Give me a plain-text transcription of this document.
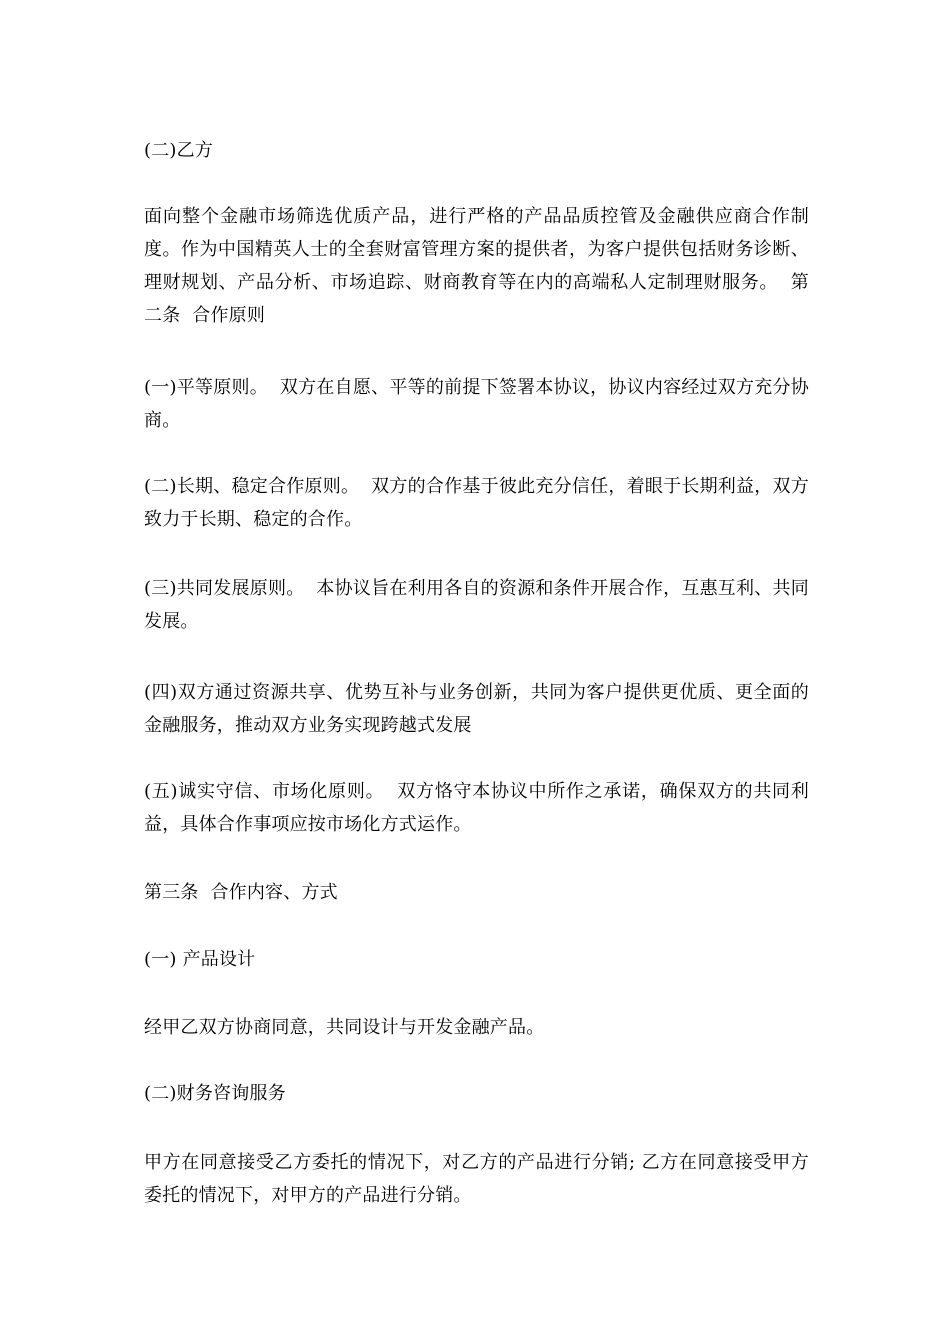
(二)乙方

面向整个金融市场筛选优质产品，进行严格的产品品质控管及金融供应商合作制度。作为中国精英人士的全套财富管理方案的提供者，为客户提供包括财务诊断、理财规划、产品分析、市场追踪、财商教育等在内的高端私人定制理财服务。  第二条  合作原则

(一)平等原则。  双方在自愿、平等的前提下签署本协议，协议内容经过双方充分协商。

(二)长期、稳定合作原则。  双方的合作基于彼此充分信任，着眼于长期利益，双方致力于长期、稳定的合作。

(三)共同发展原则。  本协议旨在利用各自的资源和条件开展合作，互惠互利、共同发展。

(四)双方通过资源共享、优势互补与业务创新，共同为客户提供更优质、更全面的金融服务，推动双方业务实现跨越式发展

(五)诚实守信、市场化原则。  双方恪守本协议中所作之承诺，确保双方的共同利益，具体合作事项应按市场化方式运作。

第三条  合作内容、方式

(一) 产品设计

经甲乙双方协商同意，共同设计与开发金融产品。

(二)财务咨询服务

甲方在同意接受乙方委托的情况下，对乙方的产品进行分销; 乙方在同意接受甲方委托的情况下，对甲方的产品进行分销。
